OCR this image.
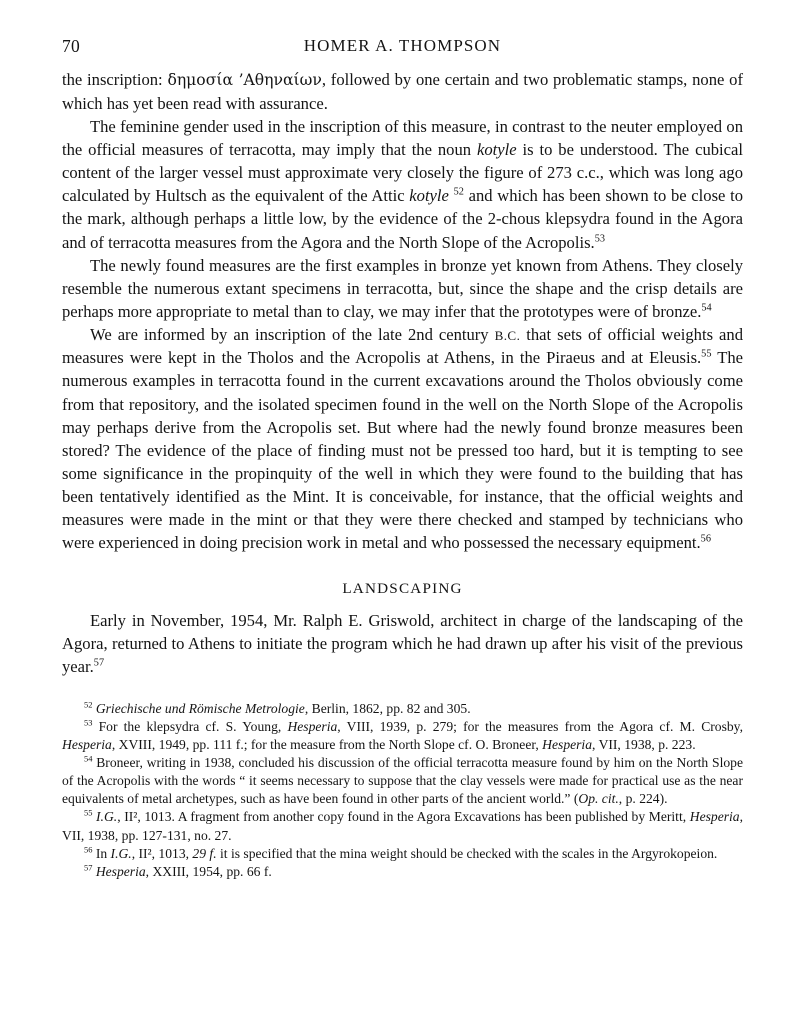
70	HOMER A. THOMPSON

the inscription: δημοσία ’Αθηναίων, followed by one certain and two problematic stamps, none of which has yet been read with assurance.

The feminine gender used in the inscription of this measure, in contrast to the neuter employed on the official measures of terracotta, may imply that the noun kotyle is to be understood. The cubical content of the larger vessel must approximate very closely the figure of 273 c.c., which was long ago calculated by Hultsch as the equivalent of the Attic kotyle $^{52}$ and which has been shown to be close to the mark, although perhaps a little low, by the evidence of the 2-chous klepsydra found in the Agora and of terracotta measures from the Agora and the North Slope of the Acropolis.$^{53}$

The newly found measures are the first examples in bronze yet known from Athens. They closely resemble the numerous extant specimens in terracotta, but, since the shape and the crisp details are perhaps more appropriate to metal than to clay, we may infer that the prototypes were of bronze.$^{54}$

We are informed by an inscription of the late 2nd century B.C. that sets of official weights and measures were kept in the Tholos and the Acropolis at Athens, in the Piraeus and at Eleusis.$^{55}$ The numerous examples in terracotta found in the current excavations around the Tholos obviously come from that repository, and the isolated specimen found in the well on the North Slope of the Acropolis may perhaps derive from the Acropolis set. But where had the newly found bronze measures been stored? The evidence of the place of finding must not be pressed too hard, but it is tempting to see some significance in the propinquity of the well in which they were found to the building that has been tentatively identified as the Mint. It is conceivable, for instance, that the official weights and measures were made in the mint or that they were there checked and stamped by technicians who were experienced in doing precision work in metal and who possessed the necessary equipment.$^{56}$

LANDSCAPING

Early in November, 1954, Mr. Ralph E. Griswold, architect in charge of the landscaping of the Agora, returned to Athens to initiate the program which he had drawn up after his visit of the previous year.$^{57}$

$^{52}$ Griechische und Römische Metrologie, Berlin, 1862, pp. 82 and 305.

$^{53}$ For the klepsydra cf. S. Young, Hesperia, VIII, 1939, p. 279; for the measures from the Agora cf. M. Crosby, Hesperia, XVIII, 1949, pp. 111 f.; for the measure from the North Slope cf. O. Broneer, Hesperia, VII, 1938, p. 223.

$^{54}$ Broneer, writing in 1938, concluded his discussion of the official terracotta measure found by him on the North Slope of the Acropolis with the words “ it seems necessary to suppose that the clay vessels were made for practical use as the near equivalents of metal archetypes, such as have been found in other parts of the ancient world.” (Op. cit., p. 224).

$^{55}$ I.G., II², 1013. A fragment from another copy found in the Agora Excavations has been published by Meritt, Hesperia, VII, 1938, pp. 127-131, no. 27.

$^{56}$ In I.G., II², 1013, 29 f. it is specified that the mina weight should be checked with the scales in the Argyrokopeion.

$^{57}$ Hesperia, XXIII, 1954, pp. 66 f.
